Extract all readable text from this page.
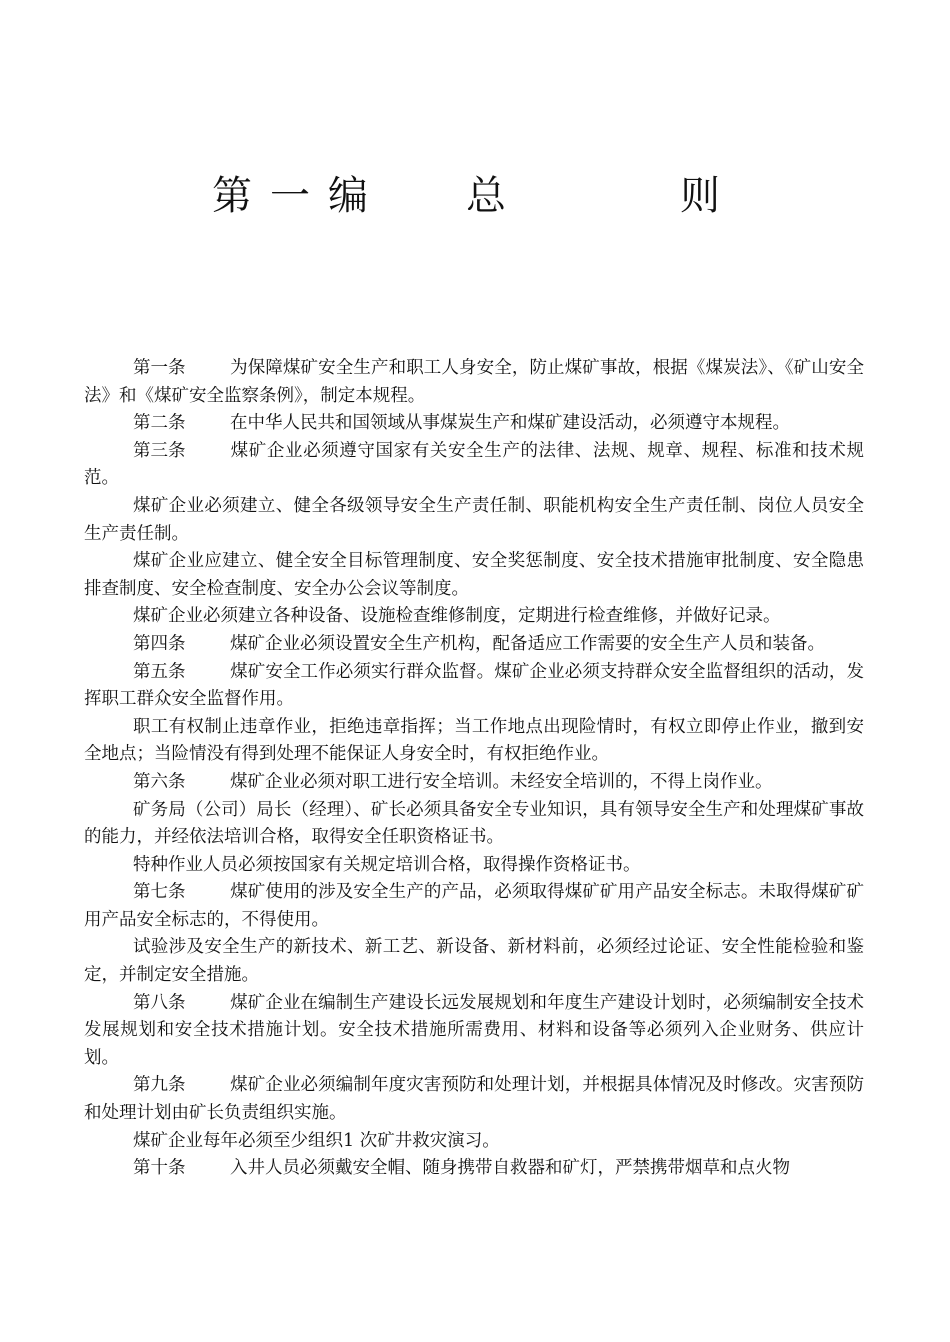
第 一 编 总	则

第一条	为保障煤矿安全生产和职工人身安全，防止煤矿事故，根据《煤炭法》、《矿山安全法》和《煤矿安全监察条例》，制定本规程。

第二条	在中华人民共和国领域从事煤炭生产和煤矿建设活动，必须遵守本规程。

第三条	煤矿企业必须遵守国家有关安全生产的法律、法规、规章、规程、标准和技术规范。

煤矿企业必须建立、健全各级领导安全生产责任制、职能机构安全生产责任制、岗位人员安全生产责任制。

煤矿企业应建立、健全安全目标管理制度、安全奖惩制度、安全技术措施审批制度、安全隐患排查制度、安全检查制度、安全办公会议等制度。

煤矿企业必须建立各种设备、设施检查维修制度，定期进行检查维修，并做好记录。

第四条	煤矿企业必须设置安全生产机构，配备适应工作需要的安全生产人员和装备。

第五条	煤矿安全工作必须实行群众监督。煤矿企业必须支持群众安全监督组织的活动，发挥职工群众安全监督作用。

职工有权制止违章作业，拒绝违章指挥；当工作地点出现险情时，有权立即停止作业，撤到安全地点；当险情没有得到处理不能保证人身安全时，有权拒绝作业。

第六条	煤矿企业必须对职工进行安全培训。未经安全培训的，不得上岗作业。

矿务局（公司）局长（经理）、矿长必须具备安全专业知识，具有领导安全生产和处理煤矿事故的能力，并经依法培训合格，取得安全任职资格证书。

特种作业人员必须按国家有关规定培训合格，取得操作资格证书。

第七条	煤矿使用的涉及安全生产的产品，必须取得煤矿矿用产品安全标志。未取得煤矿矿用产品安全标志的，不得使用。

试验涉及安全生产的新技术、新工艺、新设备、新材料前，必须经过论证、安全性能检验和鉴定，并制定安全措施。

第八条	煤矿企业在编制生产建设长远发展规划和年度生产建设计划时，必须编制安全技术发展规划和安全技术措施计划。安全技术措施所需费用、材料和设备等必须列入企业财务、供应计划。

第九条	煤矿企业必须编制年度灾害预防和处理计划，并根据具体情况及时修改。灾害预防和处理计划由矿长负责组织实施。

煤矿企业每年必须至少组织1 次矿井救灾演习。

第十条	入井人员必须戴安全帽、随身携带自救器和矿灯，严禁携带烟草和点火物
